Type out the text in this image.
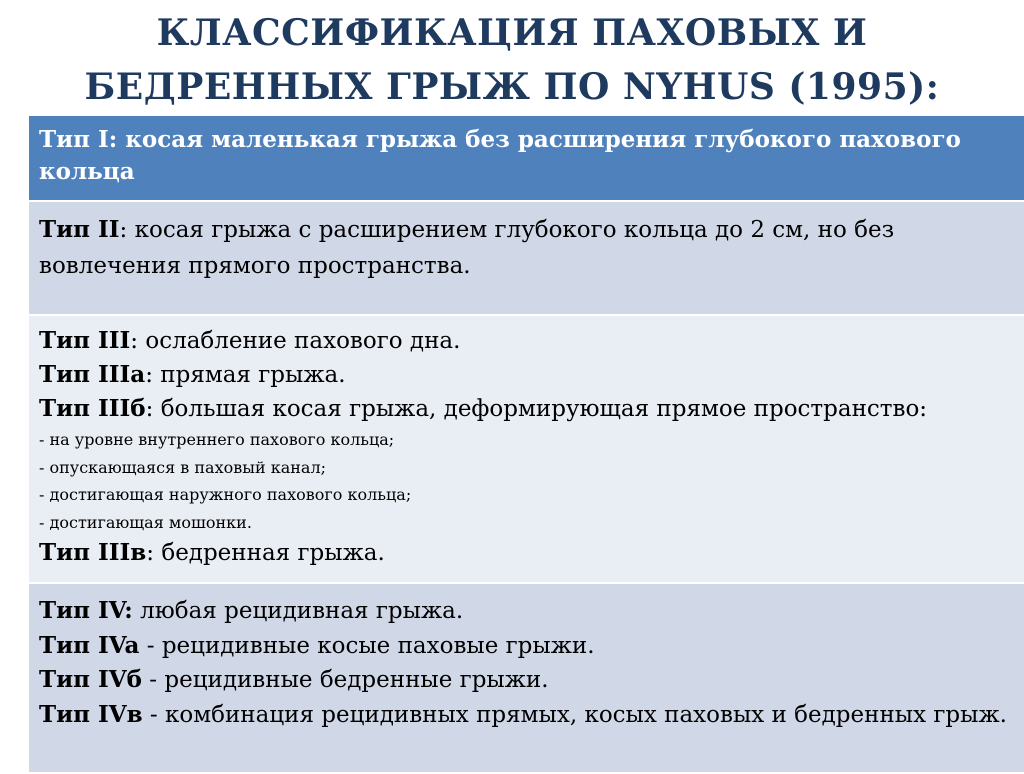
КЛАССИФИКАЦИЯ ПАХОВЫХ И
БЕДРЕННЫХ ГРЫЖ ПО NYHUS (1995):
Тип I: косая маленькая грыжа без расширения глубокого пахового кольца
Тип II: косая грыжа с расширением глубокого кольца до 2 см, но без вовлечения прямого пространства.
Тип III: ослабление пахового дна.
Тип IIIа: прямая грыжа.
Тип IIIб: большая косая грыжа, деформирующая прямое пространство:
- на уровне внутреннего пахового кольца;
- опускающаяся в паховый канал;
- достигающая наружного пахового кольца;
- достигающая мошонки.
Тип IIIв: бедренная грыжа.
Тип IV: любая рецидивная грыжа.
Тип IVa - рецидивные косые паховые грыжи.
Тип IVб - рецидивные бедренные грыжи.
Тип IVв - комбинация рецидивных прямых, косых паховых и бедренных грыж.
